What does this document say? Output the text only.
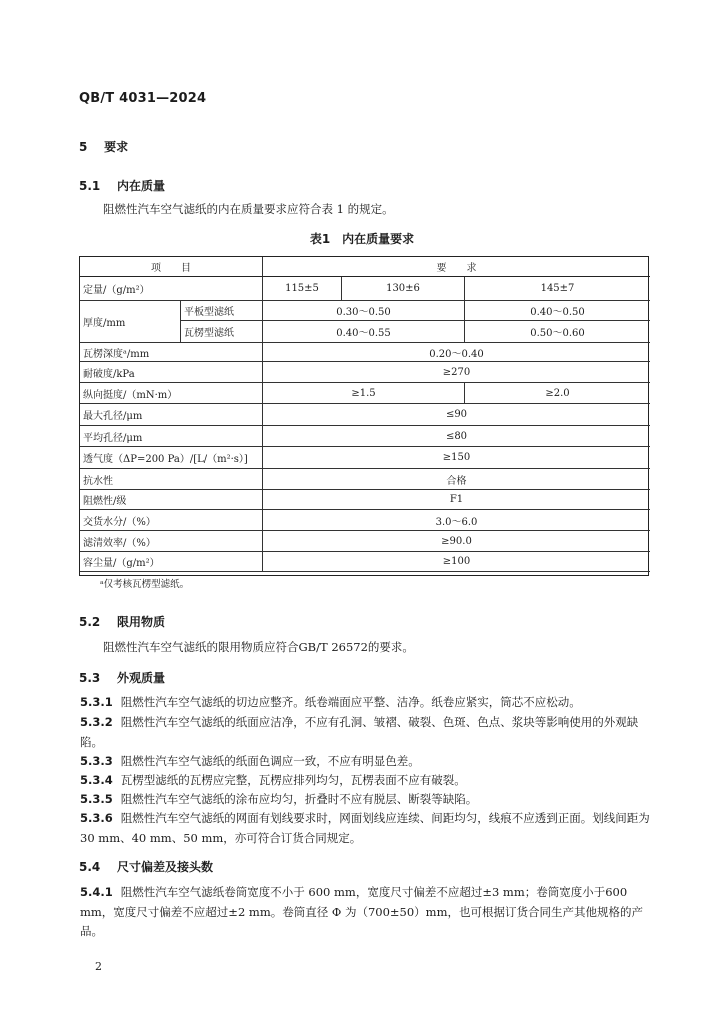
QB/T 4031—2024
5 要求
5.1 内在质量
阻燃性汽车空气滤纸的内在质量要求应符合表 1 的规定。
表1　内在质量要求
项　　目	要　　求
定量/（g/m²）	115±5	130±6	145±7
厚度/mm
平板型滤纸	0.30～0.50	0.40～0.50
瓦楞型滤纸	0.40～0.55	0.50～0.60
瓦楞深度ᵃ/mm	0.20～0.40
耐破度/kPa	≥270
纵向挺度/（mN·m）	≥1.5	≥2.0
最大孔径/μm	≤90
平均孔径/μm	≤80
透气度（ΔP=200 Pa）/[L/（m²·s）]	≥150
抗水性	合格
阻燃性/级	F1
交货水分/（%）	3.0～6.0
滤清效率/（%）	≥90.0
容尘量/（g/m²）	≥100
ᵃ仅考核瓦楞型滤纸。
5.2 限用物质
阻燃性汽车空气滤纸的限用物质应符合GB/T 26572的要求。
5.3 外观质量
5.3.1 阻燃性汽车空气滤纸的切边应整齐。纸卷端面应平整、洁净。纸卷应紧实，筒芯不应松动。
5.3.2 阻燃性汽车空气滤纸的纸面应洁净，不应有孔洞、皱褶、破裂、色斑、色点、浆块等影响使用的外观缺陷。
5.3.3 阻燃性汽车空气滤纸的纸面色调应一致，不应有明显色差。
5.3.4 瓦楞型滤纸的瓦楞应完整，瓦楞应排列均匀，瓦楞表面不应有破裂。
5.3.5 阻燃性汽车空气滤纸的涂布应均匀，折叠时不应有脱层、断裂等缺陷。
5.3.6 阻燃性汽车空气滤纸的网面有划线要求时，网面划线应连续、间距均匀，线痕不应透到正面。划线间距为30 mm、40 mm、50 mm，亦可符合订货合同规定。
5.4 尺寸偏差及接头数
5.4.1 阻燃性汽车空气滤纸卷筒宽度不小于 600 mm，宽度尺寸偏差不应超过±3 mm；卷筒宽度小于600 mm，宽度尺寸偏差不应超过±2 mm。卷筒直径 Φ 为（700±50）mm，也可根据订货合同生产其他规格的产品。
2
